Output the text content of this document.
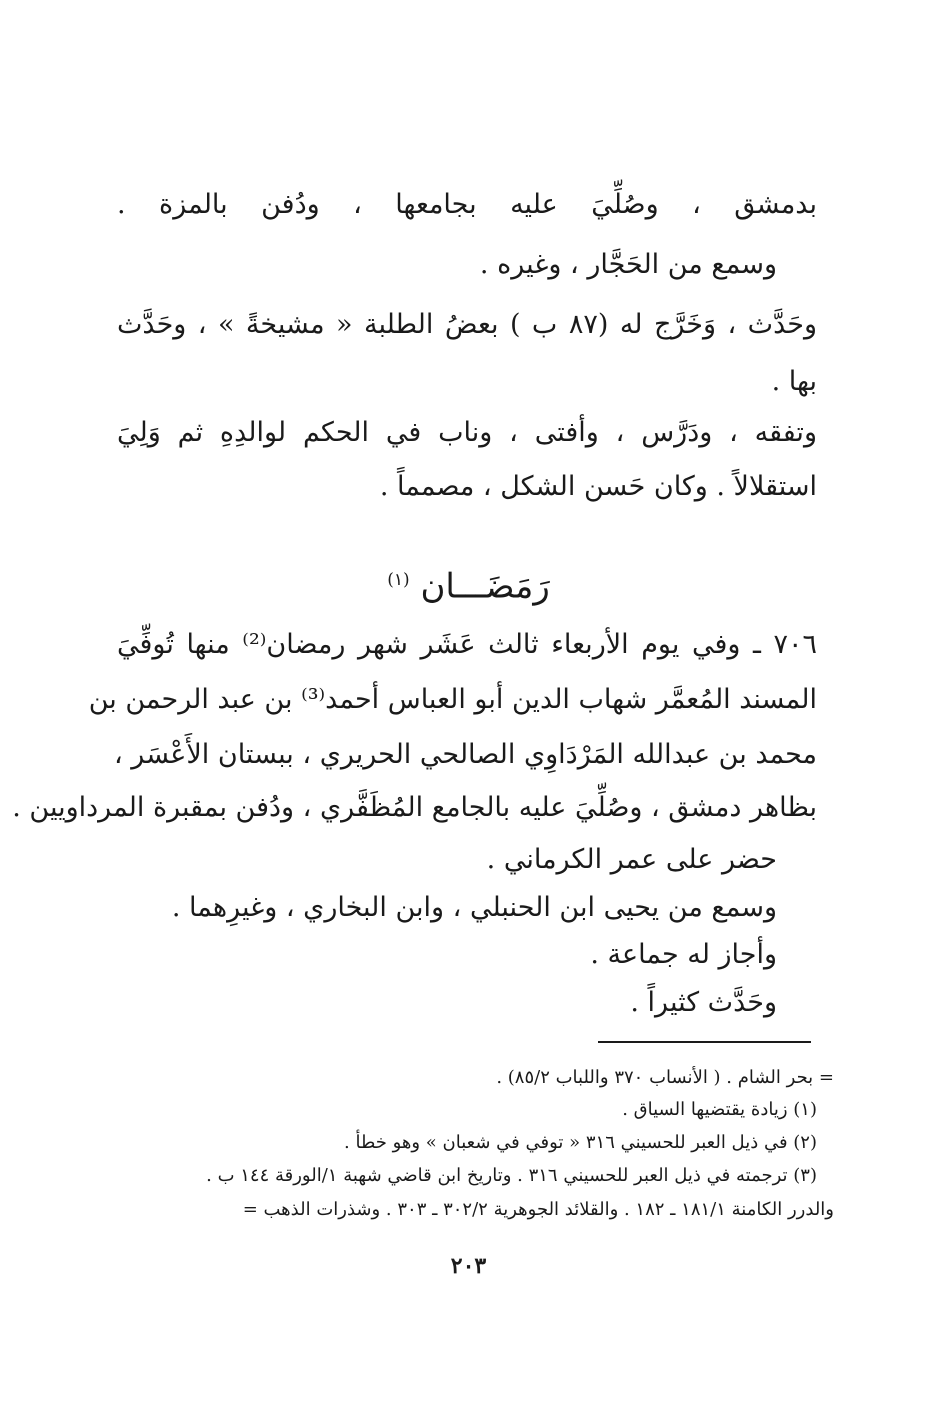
بدمشق ، وصُلِّيَ عليه بجامعها ، ودُفن بالمزة .
وسمع من الحَجَّار ، وغيره .
وحَدَّث ، وَخَرَّج له (٨٧ ب ) بعضُ الطلبة « مشيخةً » ، وحَدَّث
بها .
وتفقه ، ودَرَّس ، وأفتى ، وناب في الحكم لوالدِهِ ثم وَلِيَ
استقلالاً . وكان حَسن الشكل ، مصمماً .
رَمَضَـــان $^{(١)}$
٧٠٦ ـ وفي يوم الأربعاء ثالث عَشَر شهر رمضان⁽²⁾ منها تُوفِّيَ
المسند المُعمَّر شهاب الدين أبو العباس أحمد⁽³⁾ بن عبد الرحمن بن
محمد بن عبدالله المَرْدَاوِي الصالحي الحريري ، ببستان الأَعْسَر ،
بظاهر دمشق ، وصُلِّيَ عليه بالجامع المُظَفَّري ، ودُفن بمقبرة المرداويين .
حضر على عمر الكرماني .
وسمع من يحيى ابن الحنبلي ، وابن البخاري ، وغيرِهما .
وأجاز له جماعة .
وحَدَّث كثيراً .
= بحر الشام . ( الأنساب ٣٧٠ واللباب ٨٥/٢) .
(١) زيادة يقتضيها السياق .
(٢) في ذيل العبر للحسيني ٣١٦ « توفي في شعبان » وهو خطأ .
(٣) ترجمته في ذيل العبر للحسيني ٣١٦ . وتاريخ ابن قاضي شهبة ١/الورقة ١٤٤ ب .
والدرر الكامنة ١٨١/١ ـ ١٨٢ . والقلائد الجوهرية ٣٠٢/٢ ـ ٣٠٣ . وشذرات الذهب =
٢٠٣
